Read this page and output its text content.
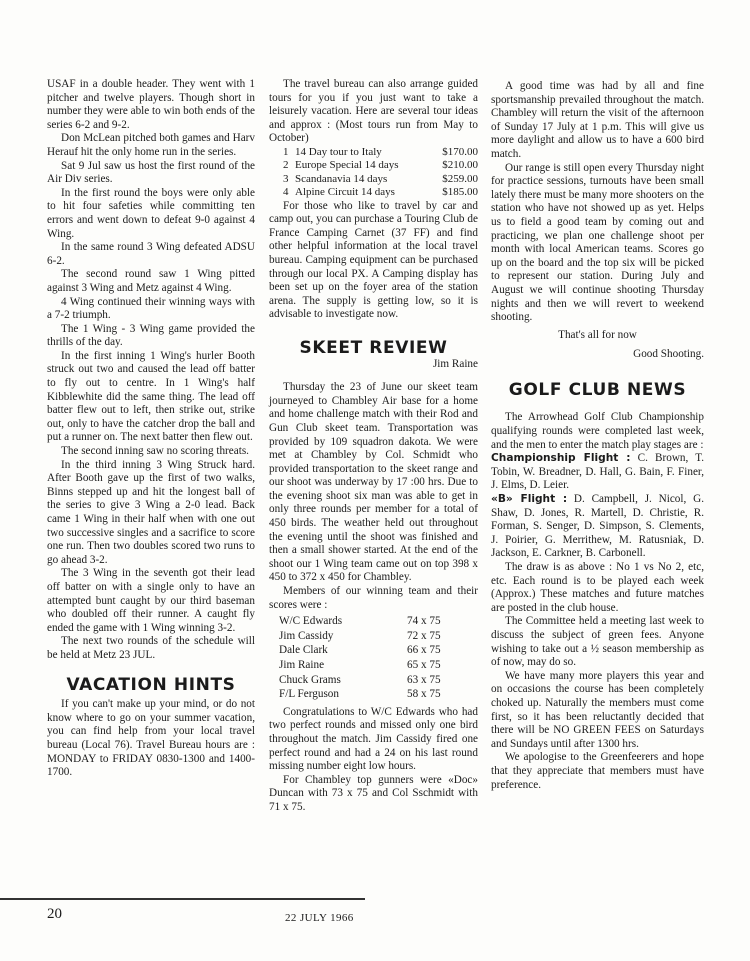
USAF in a double header. They went with 1 pitcher and twelve players. Though short in number they were able to win both ends of the series 6-2 and 9-2.

Don McLean pitched both games and Harv Herauf hit the only home run in the series.

Sat 9 Jul saw us host the first round of the Air Div series.

In the first round the boys were only able to hit four safeties while committing ten errors and went down to defeat 9-0 against 4 Wing.

In the same round 3 Wing defeated ADSU 6-2.

The second round saw 1 Wing pitted against 3 Wing and Metz against 4 Wing.

4 Wing continued their winning ways with a 7-2 triumph.

The 1 Wing - 3 Wing game provided the thrills of the day.

In the first inning 1 Wing's hurler Booth struck out two and caused the lead off batter to fly out to centre. In 1 Wing's half Kibblewhite did the same thing. The lead off batter flew out to left, then strike out, strike out, only to have the catcher drop the ball and put a runner on. The next batter then flew out.

The second inning saw no scoring threats.

In the third inning 3 Wing Struck hard. After Booth gave up the first of two walks, Binns stepped up and hit the longest ball of the series to give 3 Wing a 2-0 lead. Back came 1 Wing in their half when with one out two successive singles and a sacrifice to score one run. Then two doubles scored two runs to go ahead 3-2.

The 3 Wing in the seventh got their lead off batter on with a single only to have an attempted bunt caught by our third baseman who doubled off their runner. A caught fly ended the game with 1 Wing winning 3-2.

The next two rounds of the schedule will be held at Metz 23 JUL.

VACATION HINTS

If you can't make up your mind, or do not know where to go on your summer vacation, you can find help from your local travel bureau (Local 76). Travel Bureau hours are : MONDAY to FRIDAY 0830-1300 and 1400-1700.

The travel bureau can also arrange guided tours for you if you just want to take a leisurely vacation. Here are several tour ideas and approx : (Most tours run from May to October)

1 14 Day tour to Italy	$170.00
2 Europe Special 14 days	$210.00
3 Scandanavia 14 days	$259.00
4 Alpine Circuit 14 days	$185.00

For those who like to travel by car and camp out, you can purchase a Touring Club de France Camping Carnet (37 FF) and find other helpful information at the local travel bureau. Camping equipment can be purchased through our local PX. A Camping display has been set up on the foyer area of the station arena. The supply is getting low, so it is advisable to investigate now.

SKEET REVIEW
Jim Raine

Thursday the 23 of June our skeet team journeyed to Chambley Air base for a home and home challenge match with their Rod and Gun Club skeet team. Transportation was provided by 109 squadron dakota. We were met at Chambley by Col. Schmidt who provided transportation to the skeet range and our shoot was underway by 17 :00 hrs. Due to the evening shoot six man was able to get in only three rounds per member for a total of 450 birds. The weather held out throughout the evening until the shoot was finished and then a small shower started. At the end of the shoot our 1 Wing team came out on top 398 x 450 to 372 x 450 for Chambley.

Members of our winning team and their scores were :

W/C Edwards	74 x 75
Jim Cassidy	72 x 75
Dale Clark	66 x 75
Jim Raine	65 x 75
Chuck Grams	63 x 75
F/L Ferguson	58 x 75

Congratulations to W/C Edwards who had two perfect rounds and missed only one bird throughout the match. Jim Cassidy fired one perfect round and had a 24 on his last round missing number eight low hours.

For Chambley top gunners were «Doc» Duncan with 73 x 75 and Col Sschmidt with 71 x 75.

A good time was had by all and fine sportsmanship prevailed throughout the match. Chambley will return the visit of the afternoon of Sunday 17 July at 1 p.m. This will give us more daylight and allow us to have a 600 bird match.

Our range is still open every Thursday night for practice sessions, turnouts have been small lately there must be many more shooters on the station who have not showed up as yet. Helps us to field a good team by coming out and practicing, we plan one challenge shoot per month with local American teams. Scores go up on the board and the top six will be picked to represent our station. During July and August we will continue shooting Thursday nights and then we will revert to weekend shooting.

That's all for now
Good Shooting.
GOLF CLUB NEWS

The Arrowhead Golf Club Championship qualifying rounds were completed last week, and the men to enter the match play stages are :

Championship Flight : C. Brown, T. Tobin, W. Breadner, D. Hall, G. Bain, F. Finer, J. Elms, D. Leier.

«B» Flight : D. Campbell, J. Nicol, G. Shaw, D. Jones, R. Martell, D. Christie, R. Forman, S. Senger, D. Simpson, S. Clements, J. Poirier, G. Merrithew, M. Ratusniak, D. Jackson, E. Carkner, B. Carbonell.

The draw is as above : No 1 vs No 2, etc, etc. Each round is to be played each week (Approx.) These matches and future matches are posted in the club house.

The Committee held a meeting last week to discuss the subject of green fees. Anyone wishing to take out a ½ season membership as of now, may do so.

We have many more players this year and on occasions the course has been completely choked up. Naturally the members must come first, so it has been reluctantly decided that there will be NO GREEN FEES on Saturdays and Sundays until after 1300 hrs.

We apologise to the Greenfeerers and hope that they appreciate that members must have preference.

20	22 JULY 1966
